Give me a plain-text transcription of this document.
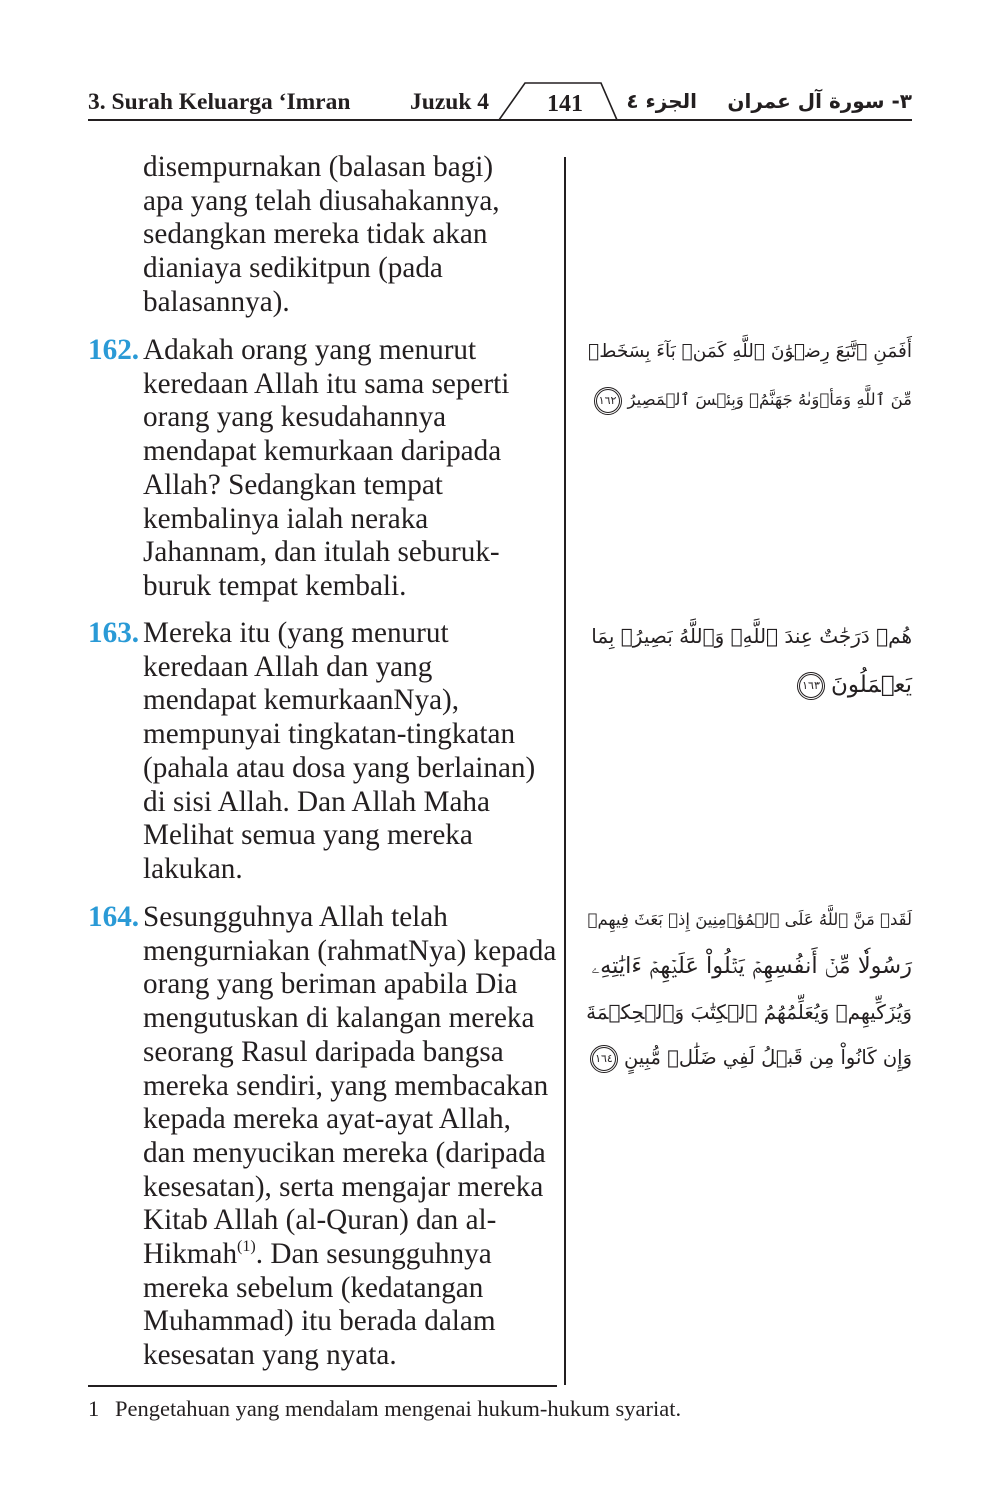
3. Surah Keluarga ‘Imran	Juzuk 4	141	الجزء ٤ ٣- سورة آل عمران
disempurnakan (balasan bagi)
apa yang telah diusahakannya,
sedangkan mereka tidak akan
dianiaya sedikitpun (pada
balasannya).
162. Adakah orang yang menurut
keredaan Allah itu sama seperti
orang yang kesudahannya
mendapat kemurkaan daripada
Allah? Sedangkan tempat
kembalinya ialah neraka
Jahannam, dan itulah seburuk-
buruk tempat kembali.
أَفَمَنِ ٱتَّبَعَ رِضۡوَٰنَ ٱللَّهِ كَمَنۢ بَآءَ بِسَخَطٖ
مِّنَ ٱللَّهِ وَمَأۡوَىٰهُ جَهَنَّمُۖ وَبِئۡسَ ٱلۡمَصِيرُ١٦٢
163. Mereka itu (yang menurut
keredaan Allah dan yang
mendapat kemurkaanNya),
mempunyai tingkatan-tingkatan
(pahala atau dosa yang berlainan)
di sisi Allah. Dan Allah Maha
Melihat semua yang mereka
lakukan.
هُمۡ دَرَجَٰتٌ عِندَ ٱللَّهِۗ وَٱللَّهُ بَصِيرُۢ بِمَا
يَعۡمَلُونَ١٦٣
164. Sesungguhnya Allah telah
mengurniakan (rahmatNya) kepada
orang yang beriman apabila Dia
mengutuskan di kalangan mereka
seorang Rasul daripada bangsa
mereka sendiri, yang membacakan
kepada mereka ayat-ayat Allah,
dan menyucikan mereka (daripada
kesesatan), serta mengajar mereka
Kitab Allah (al-Quran) dan al-
Hikmah$^{(1)}$. Dan sesungguhnya
mereka sebelum (kedatangan
Muhammad) itu berada dalam
kesesatan yang nyata.
لَقَدۡ مَنَّ ٱللَّهُ عَلَى ٱلۡمُؤۡمِنِينَ إِذۡ بَعَثَ فِيهِمۡ
رَسُولٗا مِّنۡ أَنفُسِهِمۡ يَتۡلُواْ عَلَيۡهِمۡ ءَايَٰتِهِۦ
وَيُزَكِّيهِمۡ وَيُعَلِّمُهُمُ ٱلۡكِتَٰبَ وَٱلۡحِكۡمَةَ
وَإِن كَانُواْ مِن قَبۡلُ لَفِي ضَلَٰلٖ مُّبِينٍ١٦٤
1 Pengetahuan yang mendalam mengenai hukum-hukum syariat.
